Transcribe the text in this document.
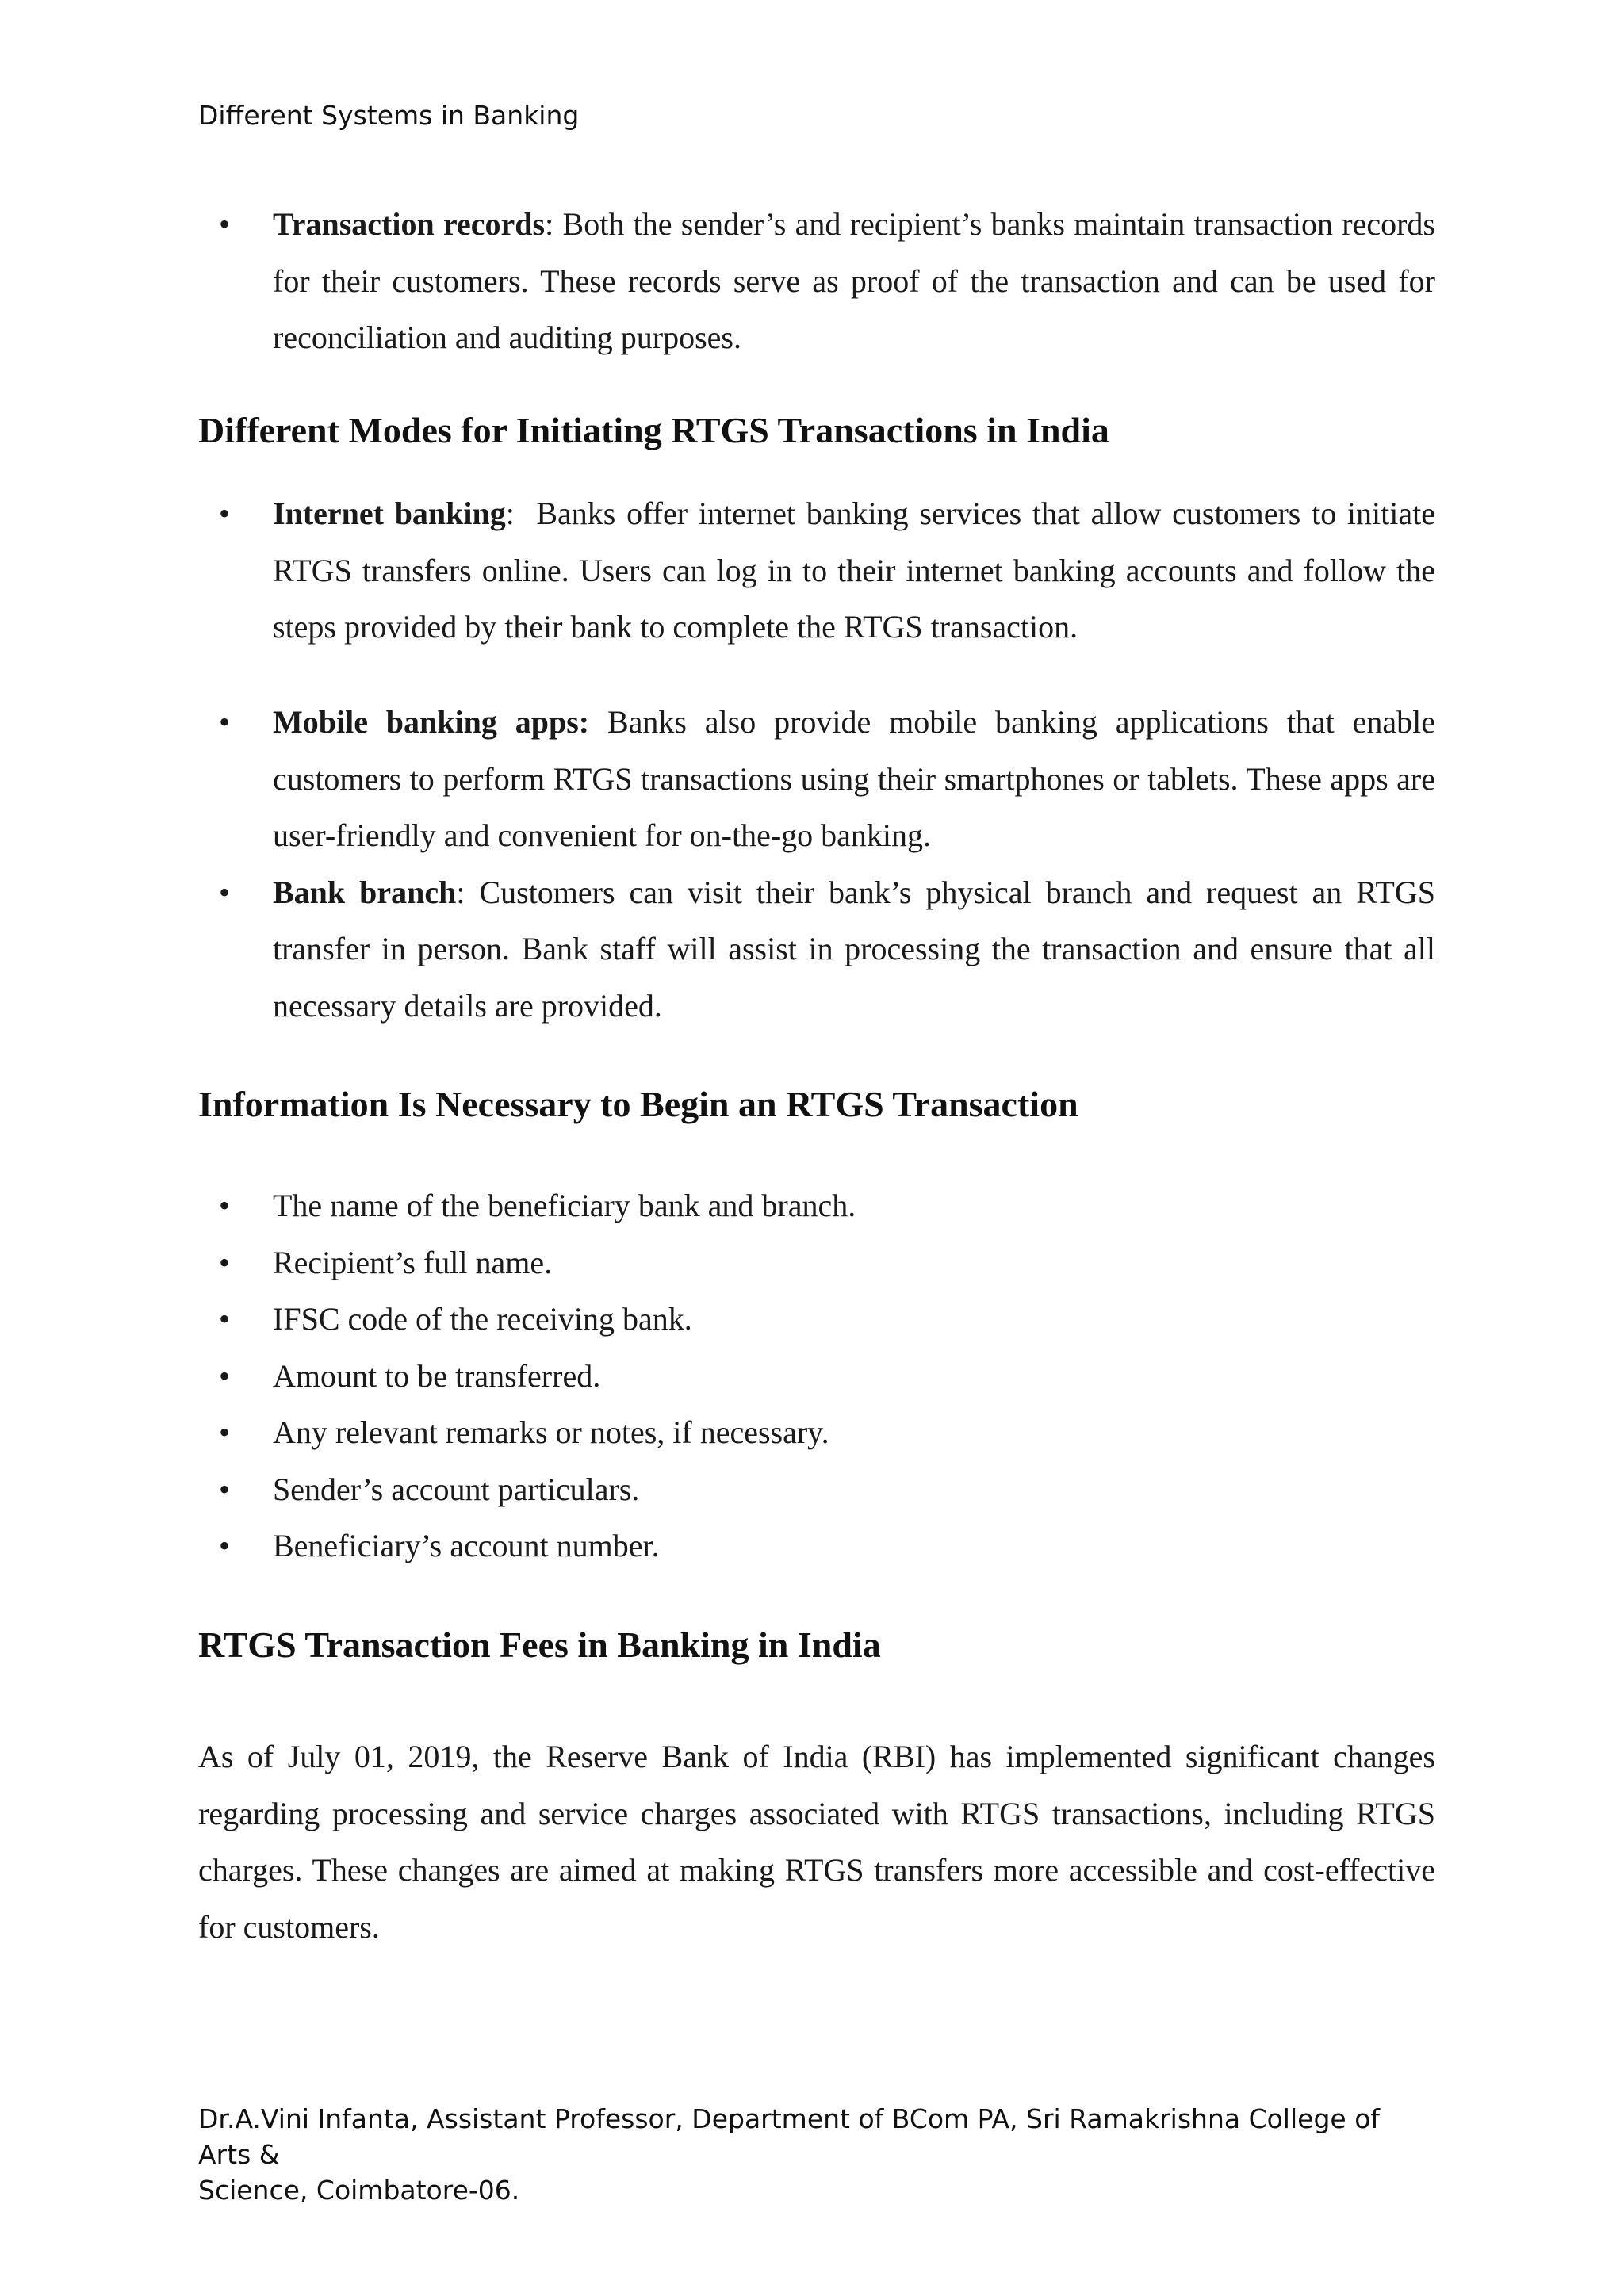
Different Systems in Banking
• Transaction records: Both the sender’s and recipient’s banks maintain transaction records for their customers. These records serve as proof of the transaction and can be used for reconciliation and auditing purposes.
Different Modes for Initiating RTGS Transactions in India
• Internet banking:  Banks offer internet banking services that allow customers to initiate RTGS transfers online. Users can log in to their internet banking accounts and follow the steps provided by their bank to complete the RTGS transaction.
• Mobile banking apps: Banks also provide mobile banking applications that enable customers to perform RTGS transactions using their smartphones or tablets. These apps are user-friendly and convenient for on-the-go banking.
• Bank branch: Customers can visit their bank’s physical branch and request an RTGS transfer in person. Bank staff will assist in processing the transaction and ensure that all necessary details are provided.
Information Is Necessary to Begin an RTGS Transaction
• The name of the beneficiary bank and branch.
• Recipient’s full name.
• IFSC code of the receiving bank.
• Amount to be transferred.
• Any relevant remarks or notes, if necessary.
• Sender’s account particulars.
• Beneficiary’s account number.
RTGS Transaction Fees in Banking in India

As of July 01, 2019, the Reserve Bank of India (RBI) has implemented significant changes regarding processing and service charges associated with RTGS transactions, including RTGS charges. These changes are aimed at making RTGS transfers more accessible and cost-effective for customers.

Dr.A.Vini Infanta, Assistant Professor, Department of BCom PA, Sri Ramakrishna College of Arts &
Science, Coimbatore-06.
